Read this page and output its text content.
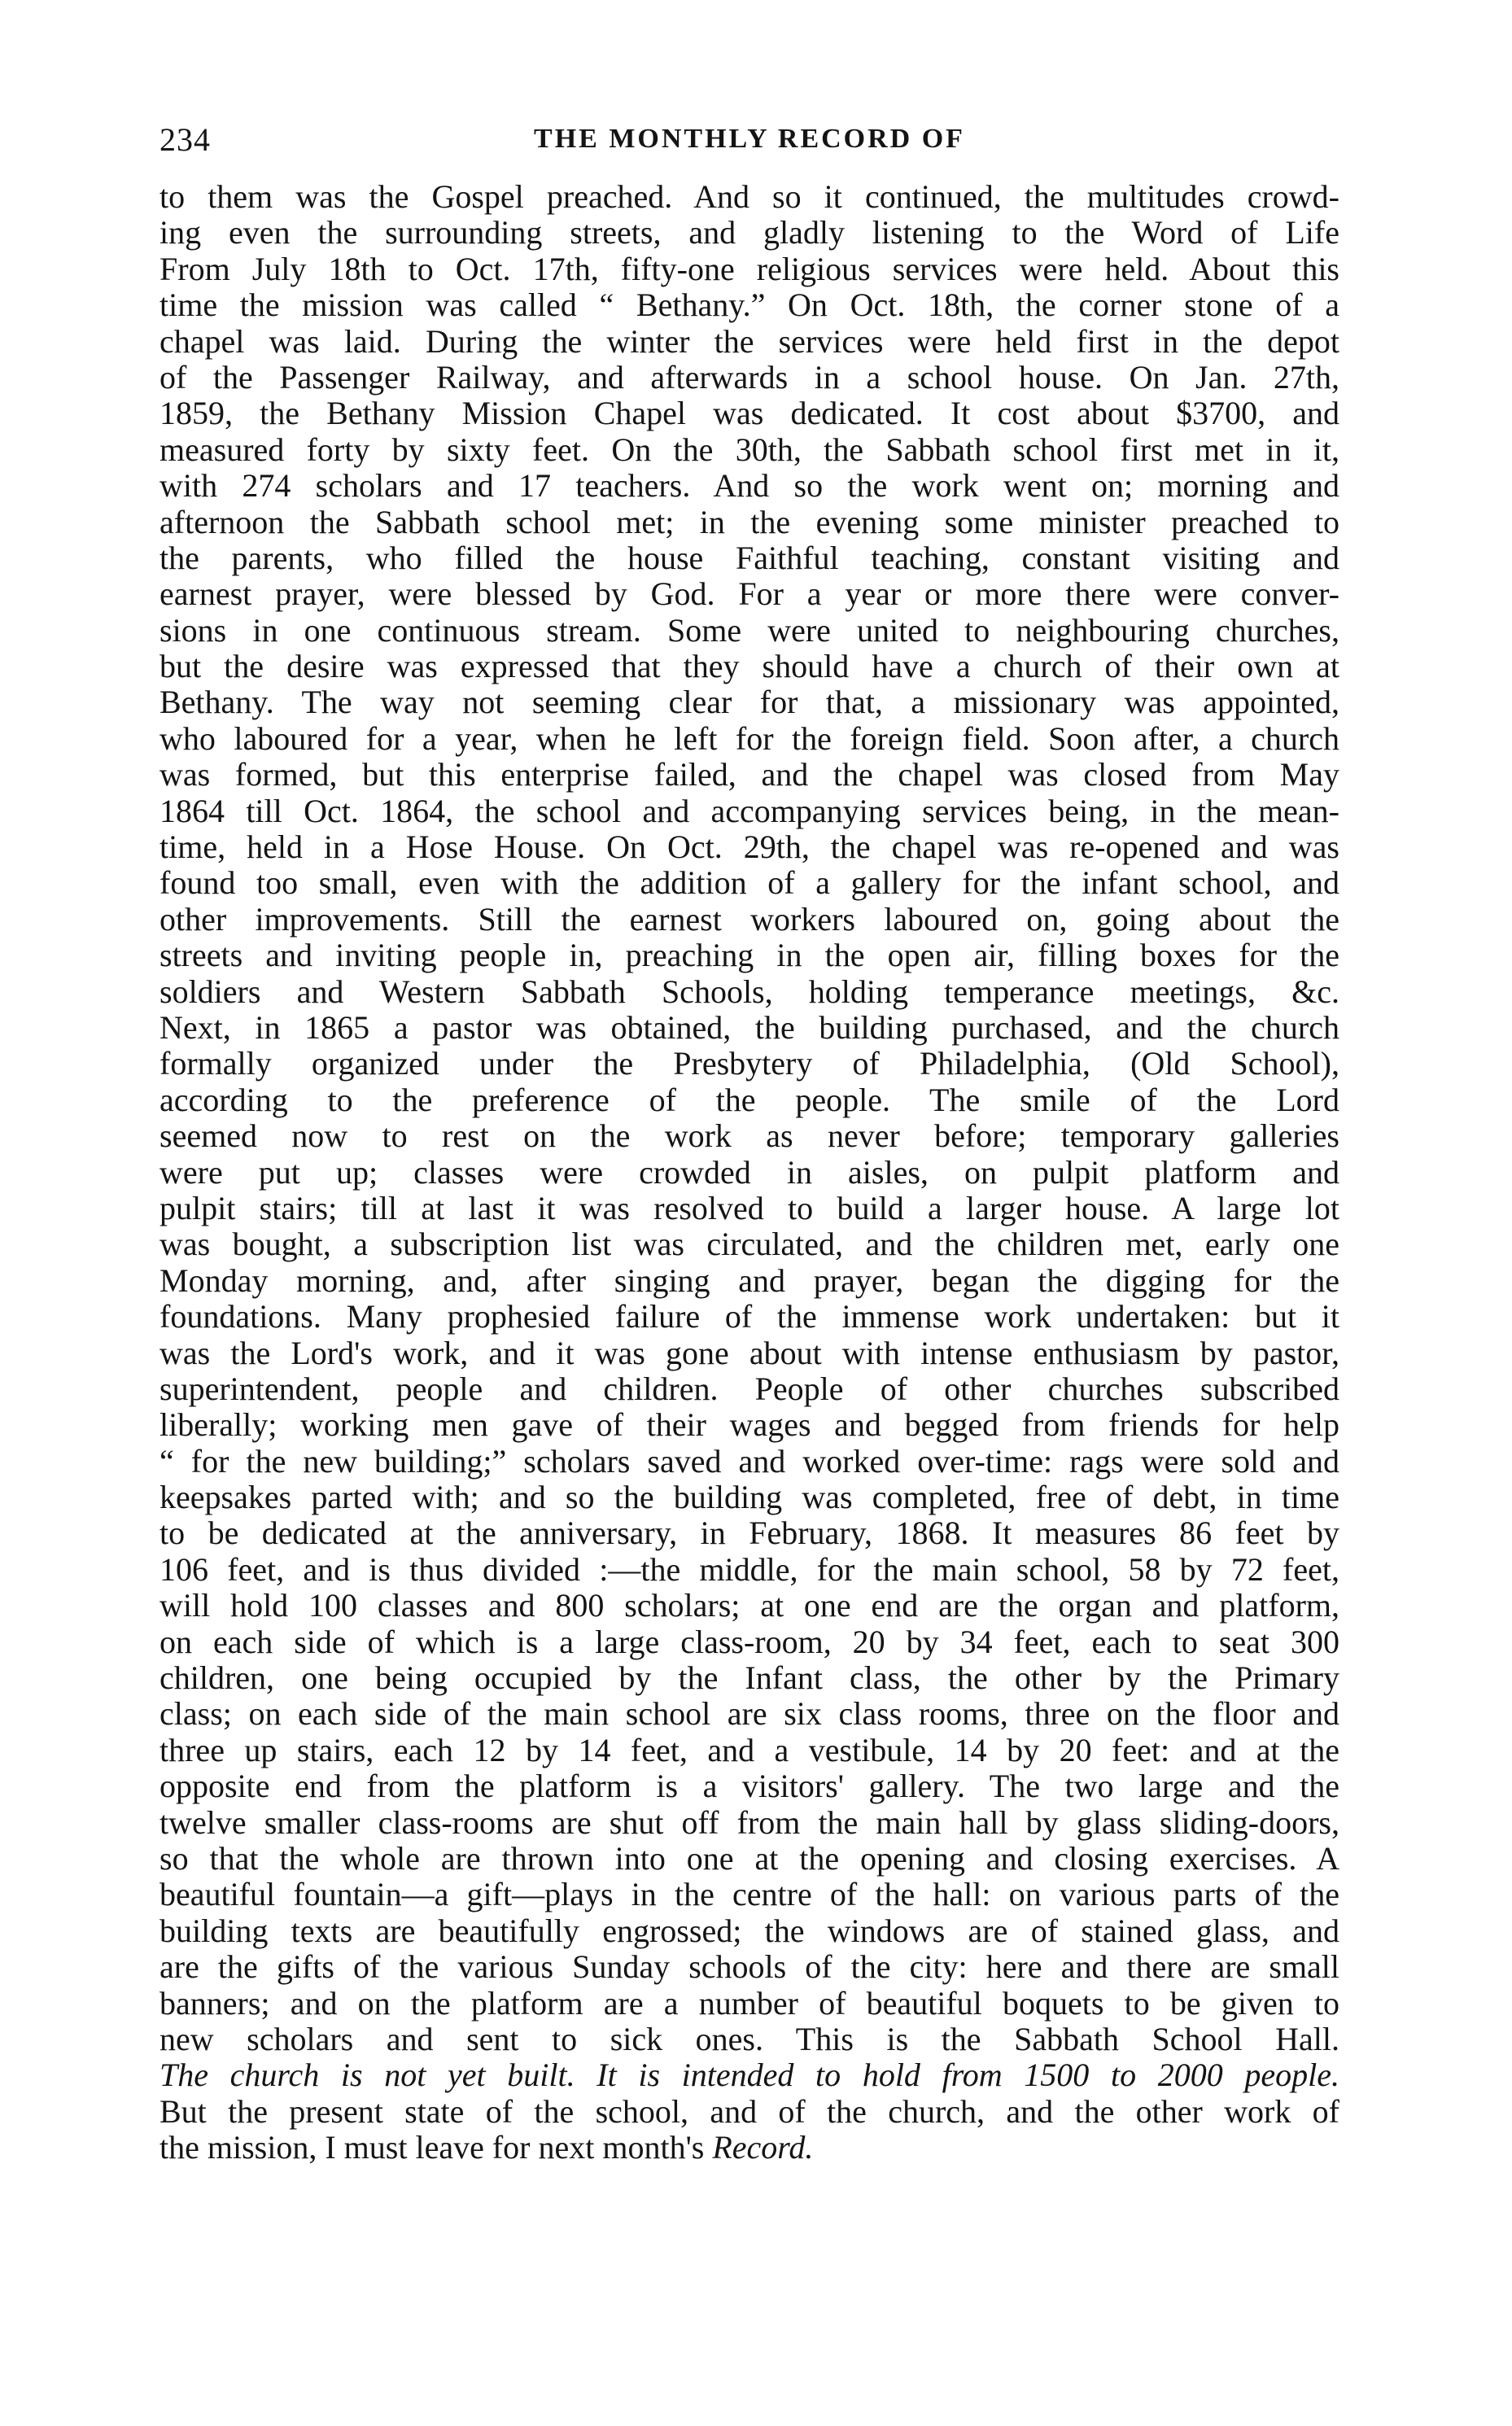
234	THE MONTHLY RECORD OF
to them was the Gospel preached. And so it continued, the multitudes crowd-
ing even the surrounding streets, and gladly listening to the Word of Life
From July 18th to Oct. 17th, fifty-one religious services were held. About this
time the mission was called “ Bethany.” On Oct. 18th, the corner stone of a
chapel was laid. During the winter the services were held first in the depot
of the Passenger Railway, and afterwards in a school house. On Jan. 27th,
1859, the Bethany Mission Chapel was dedicated. It cost about $3700, and
measured forty by sixty feet. On the 30th, the Sabbath school first met in it,
with 274 scholars and 17 teachers. And so the work went on; morning and
afternoon the Sabbath school met; in the evening some minister preached to
the parents, who filled the house Faithful teaching, constant visiting and
earnest prayer, were blessed by God. For a year or more there were conver-
sions in one continuous stream. Some were united to neighbouring churches,
but the desire was expressed that they should have a church of their own at
Bethany. The way not seeming clear for that, a missionary was appointed,
who laboured for a year, when he left for the foreign field. Soon after, a church
was formed, but this enterprise failed, and the chapel was closed from May
1864 till Oct. 1864, the school and accompanying services being, in the mean-
time, held in a Hose House. On Oct. 29th, the chapel was re-opened and was
found too small, even with the addition of a gallery for the infant school, and
other improvements. Still the earnest workers laboured on, going about the
streets and inviting people in, preaching in the open air, filling boxes for the
soldiers and Western Sabbath Schools, holding temperance meetings, &c.
Next, in 1865 a pastor was obtained, the building purchased, and the church
formally organized under the Presbytery of Philadelphia, (Old School),
according to the preference of the people. The smile of the Lord
seemed now to rest on the work as never before; temporary galleries
were put up; classes were crowded in aisles, on pulpit platform and
pulpit stairs; till at last it was resolved to build a larger house. A large lot
was bought, a subscription list was circulated, and the children met, early one
Monday morning, and, after singing and prayer, began the digging for the
foundations. Many prophesied failure of the immense work undertaken: but it
was the Lord's work, and it was gone about with intense enthusiasm by pastor,
superintendent, people and children. People of other churches subscribed
liberally; working men gave of their wages and begged from friends for help
“ for the new building;” scholars saved and worked over-time: rags were sold and
keepsakes parted with; and so the building was completed, free of debt, in time
to be dedicated at the anniversary, in February, 1868. It measures 86 feet by
106 feet, and is thus divided :—the middle, for the main school, 58 by 72 feet,
will hold 100 classes and 800 scholars; at one end are the organ and platform,
on each side of which is a large class-room, 20 by 34 feet, each to seat 300
children, one being occupied by the Infant class, the other by the Primary
class; on each side of the main school are six class rooms, three on the floor and
three up stairs, each 12 by 14 feet, and a vestibule, 14 by 20 feet: and at the
opposite end from the platform is a visitors' gallery. The two large and the
twelve smaller class-rooms are shut off from the main hall by glass sliding-doors,
so that the whole are thrown into one at the opening and closing exercises. A
beautiful fountain—a gift—plays in the centre of the hall: on various parts of the
building texts are beautifully engrossed; the windows are of stained glass, and
are the gifts of the various Sunday schools of the city: here and there are small
banners; and on the platform are a number of beautiful boquets to be given to
new scholars and sent to sick ones. This is the Sabbath School Hall.
The church is not yet built. It is intended to hold from 1500 to 2000 people.
But the present state of the school, and of the church, and the other work of
the mission, I must leave for next month's Record.
